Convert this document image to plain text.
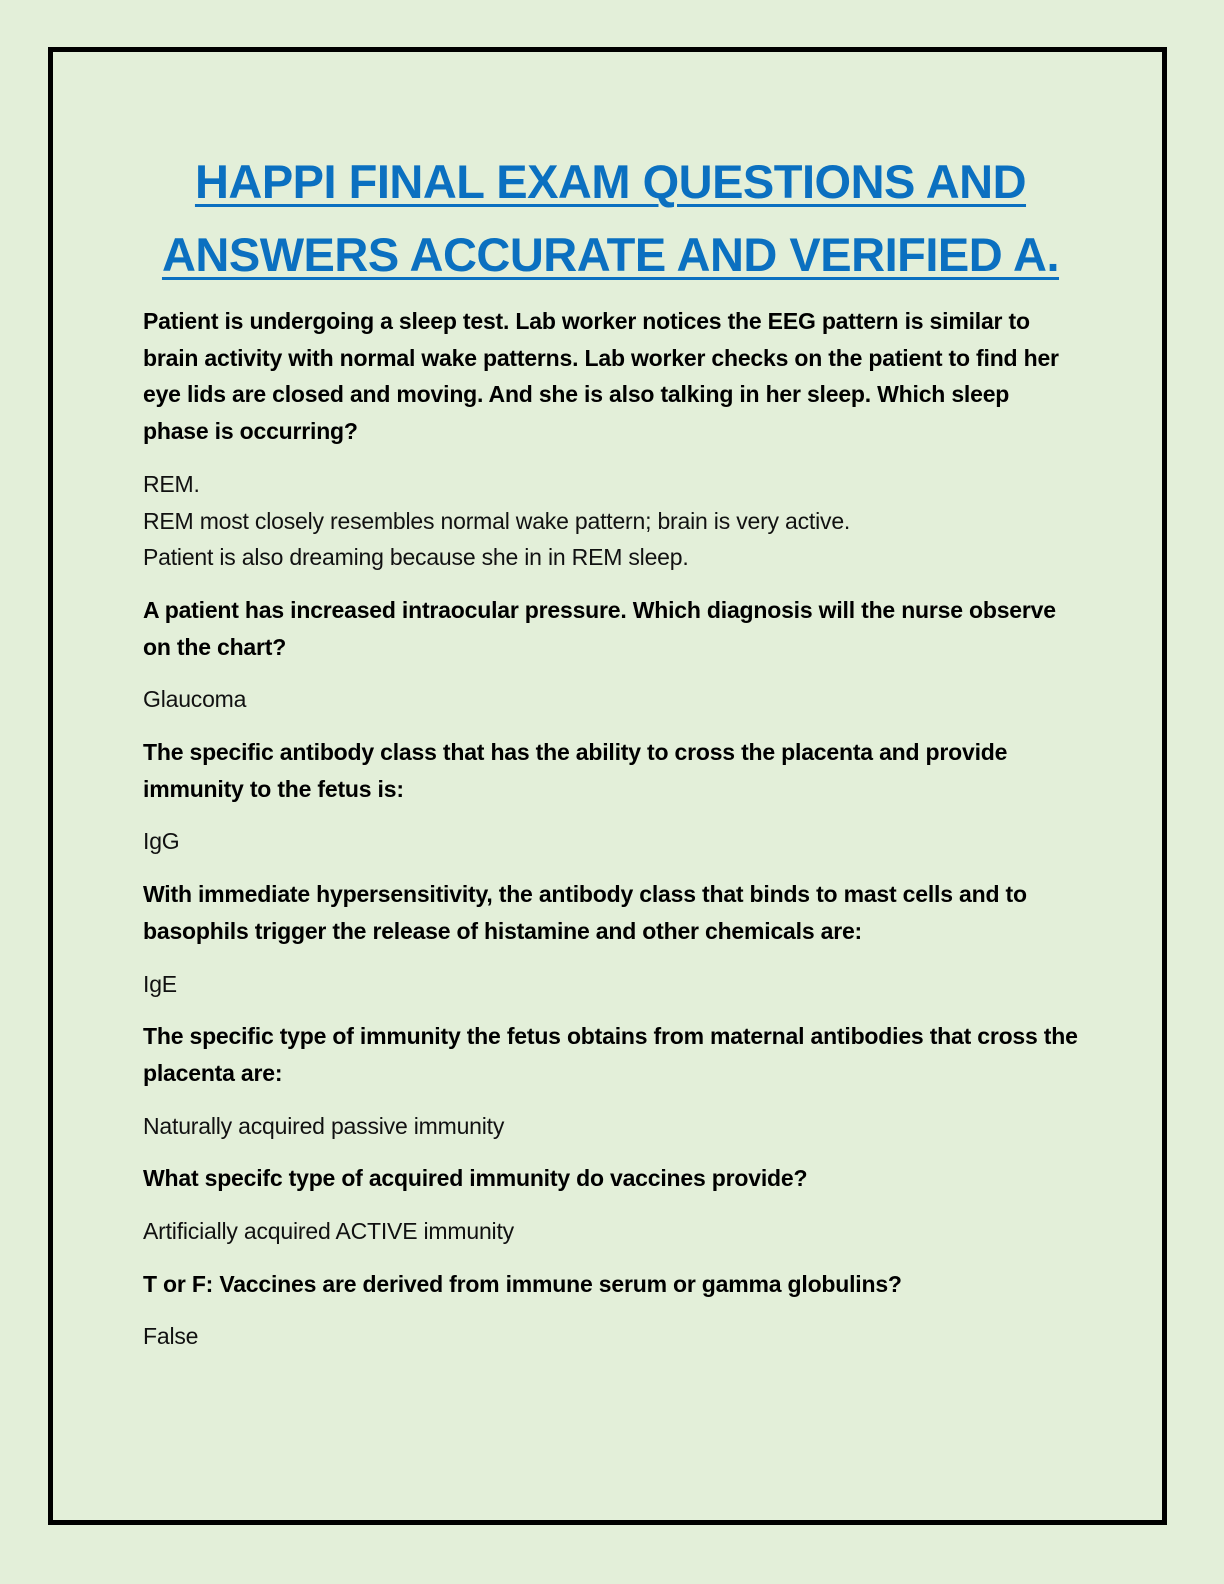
HAPPI FINAL EXAM QUESTIONS AND ANSWERS ACCURATE AND VERIFIED A.

Patient is undergoing a sleep test. Lab worker notices the EEG pattern is similar to brain activity with normal wake patterns. Lab worker checks on the patient to find her eye lids are closed and moving. And she is also talking in her sleep. Which sleep phase is occurring?

REM.
REM most closely resembles normal wake pattern; brain is very active.
Patient is also dreaming because she in in REM sleep.

A patient has increased intraocular pressure. Which diagnosis will the nurse observe on the chart?

Glaucoma

The specific antibody class that has the ability to cross the placenta and provide immunity to the fetus is:

IgG

With immediate hypersensitivity, the antibody class that binds to mast cells and to basophils trigger the release of histamine and other chemicals are:

IgE

The specific type of immunity the fetus obtains from maternal antibodies that cross the placenta are:

Naturally acquired passive immunity

What specifc type of acquired immunity do vaccines provide?

Artificially acquired ACTIVE immunity

T or F: Vaccines are derived from immune serum or gamma globulins?

False
